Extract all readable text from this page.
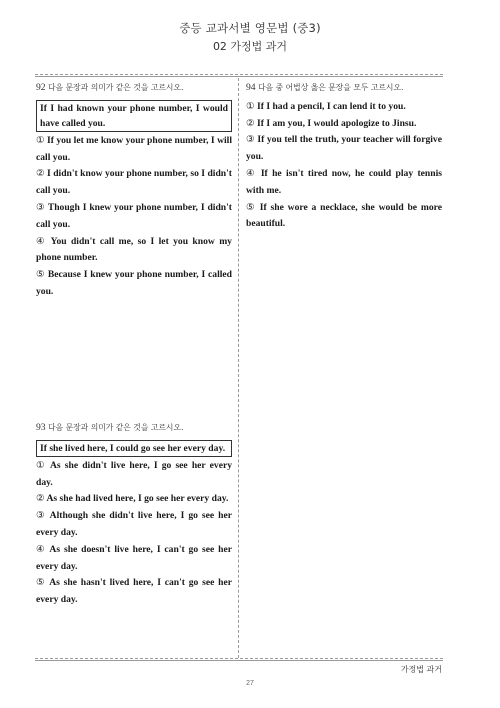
중등 교과서별 영문법 (중3)
02 가정법 과거
92 다음 문장과 의미가 같은 것을 고르시오.
If I had known your phone number, I would have called you.
① If you let me know your phone number, I will call you.
② I didn't know your phone number, so I didn't call you.
③ Though I knew your phone number, I didn't call you.
④ You didn't call me, so I let you know my phone number.
⑤ Because I knew your phone number, I called you.
94 다음 중 어법상 옳은 문장을 모두 고르시오.
① If I had a pencil, I can lend it to you.
② If I am you, I would apologize to Jinsu.
③ If you tell the truth, your teacher will forgive you.
④ If he isn't tired now, he could play tennis with me.
⑤ If she wore a necklace, she would be more beautiful.
93 다음 문장과 의미가 같은 것을 고르시오.
If she lived here, I could go see her every day.
① As she didn't live here, I go see her every day.
② As she had lived here, I go see her every day.
③ Although she didn't live here, I go see her every day.
④ As she doesn't live here, I can't go see her every day.
⑤ As she hasn't lived here, I can't go see her every day.
가정법 과거
27
